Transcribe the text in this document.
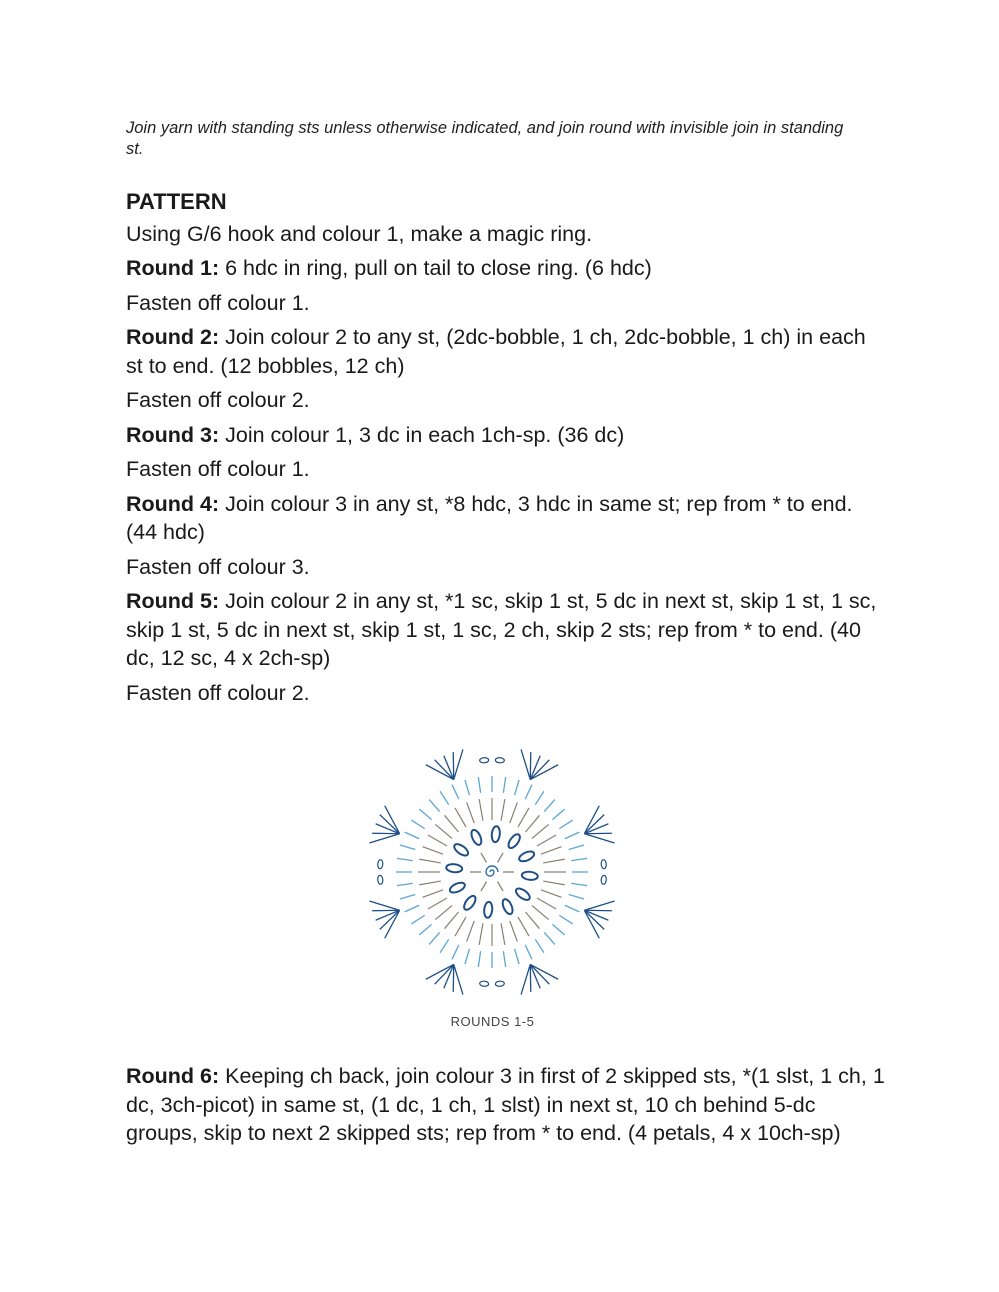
Join yarn with standing sts unless otherwise indicated, and join round with invisible join in standing st.
PATTERN
Using G/6 hook and colour 1, make a magic ring.
Round 1: 6 hdc in ring, pull on tail to close ring. (6 hdc)
Fasten off colour 1.
Round 2: Join colour 2 to any st, (2dc-bobble, 1 ch, 2dc-bobble, 1 ch) in each st to end. (12 bobbles, 12 ch)
Fasten off colour 2.
Round 3: Join colour 1, 3 dc in each 1ch-sp. (36 dc)
Fasten off colour 1.
Round 4: Join colour 3 in any st, *8 hdc, 3 hdc in same st; rep from * to end. (44 hdc)
Fasten off colour 3.
Round 5: Join colour 2 in any st, *1 sc, skip 1 st, 5 dc in next st, skip 1 st, 1 sc, skip 1 st, 5 dc in next st, skip 1 st, 1 sc, 2 ch, skip 2 sts; rep from * to end. (40 dc, 12 sc, 4 x 2ch-sp)
Fasten off colour 2.
ROUNDS 1-5
Round 6: Keeping ch back, join colour 3 in first of 2 skipped sts, *(1 slst, 1 ch, 1 dc, 3ch-picot) in same st, (1 dc, 1 ch, 1 slst) in next st, 10 ch behind 5-dc groups, skip to next 2 skipped sts; rep from * to end. (4 petals, 4 x 10ch-sp)
